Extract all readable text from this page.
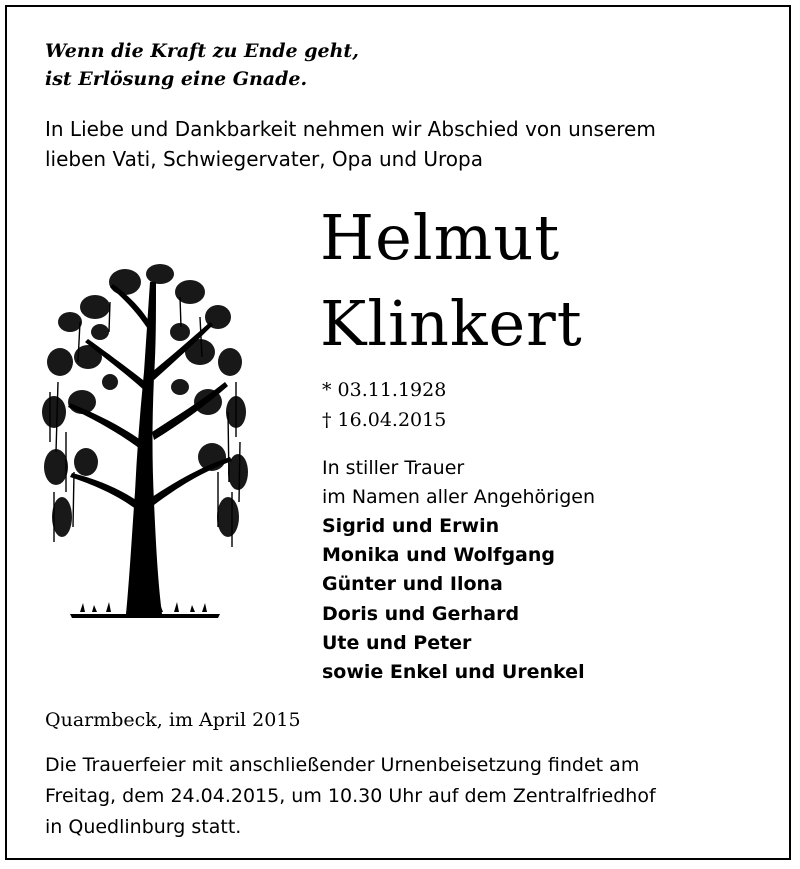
Wenn die Kraft zu Ende geht,
ist Erlösung eine Gnade.
In Liebe und Dankbarkeit nehmen wir Abschied von unserem
lieben Vati, Schwiegervater, Opa und Uropa
Helmut
Klinkert
* 03.11.1928
† 16.04.2015
In stiller Trauer
im Namen aller Angehörigen
Sigrid und Erwin
Monika und Wolfgang
Günter und Ilona
Doris und Gerhard
Ute und Peter
sowie Enkel und Urenkel
Quarmbeck, im April 2015
Die Trauerfeier mit anschließender Urnenbeisetzung findet am
Freitag, dem 24.04.2015, um 10.30 Uhr auf dem Zentralfriedhof
in Quedlinburg statt.
